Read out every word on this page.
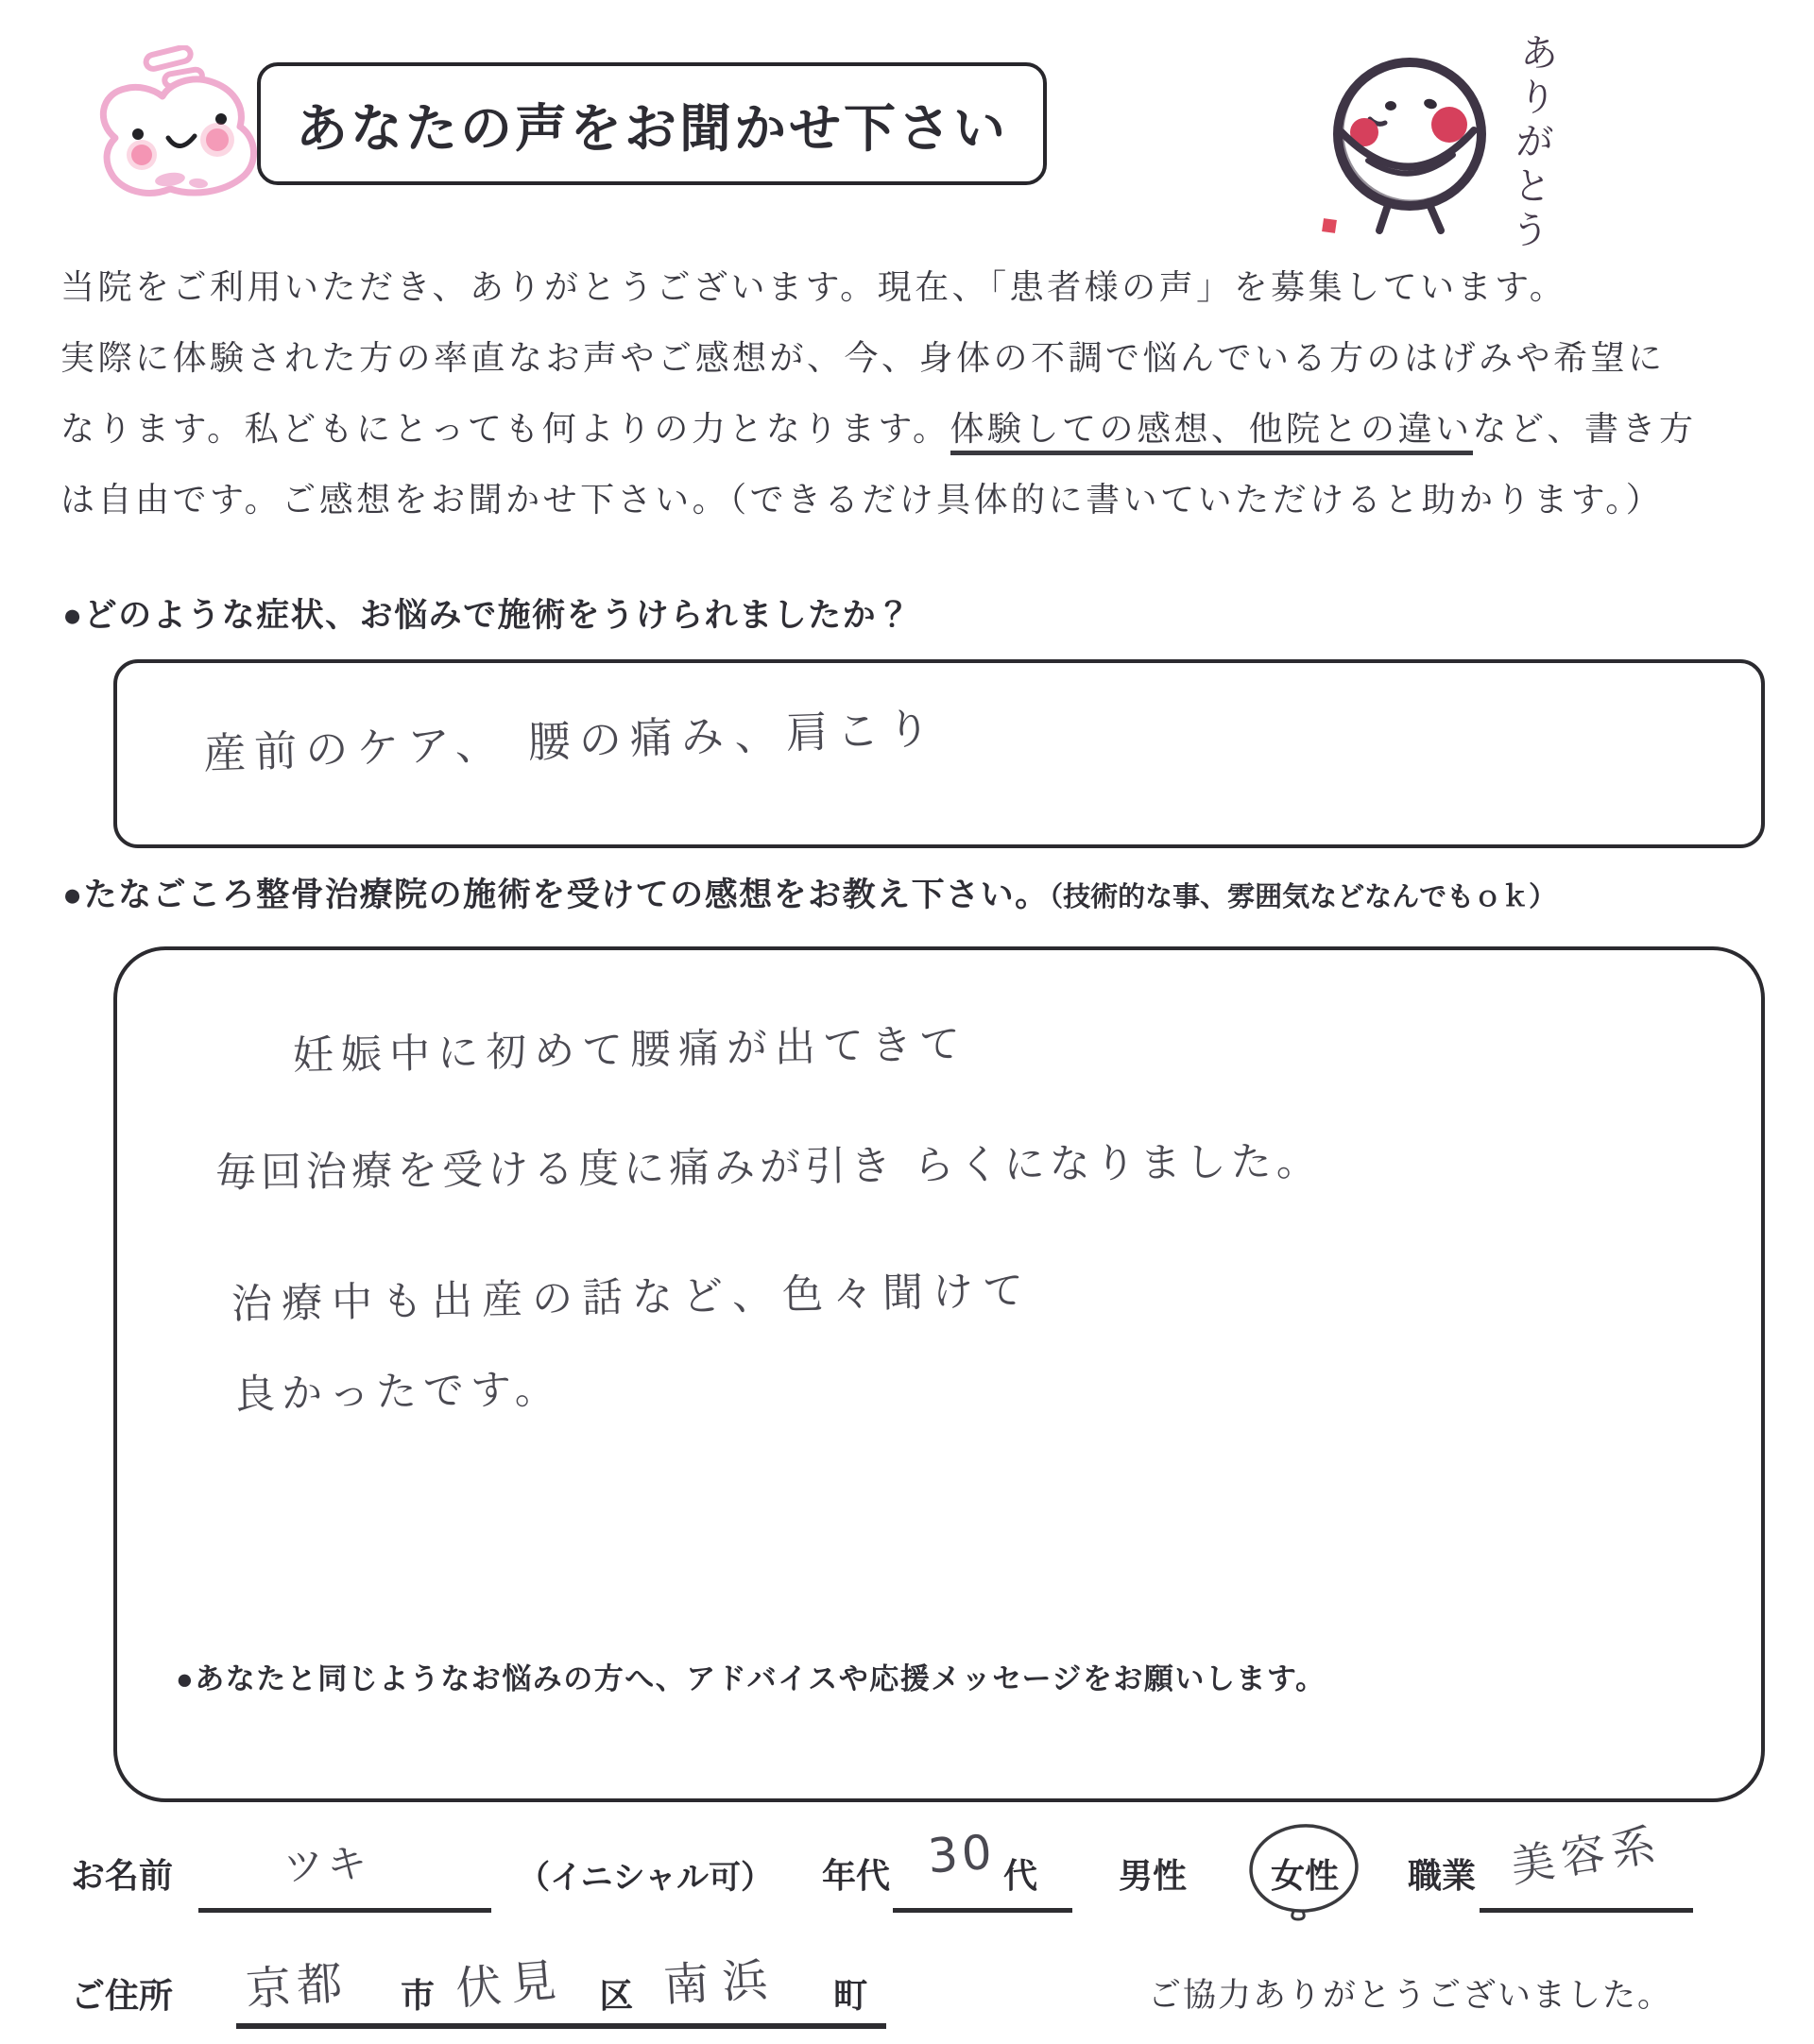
あなたの声をお聞かせ下さい	ありがとう
当院をご利用いただき、ありがとうございます。現在、「患者様の声」を募集しています。
実際に体験された方の率直なお声やご感想が、今、身体の不調で悩んでいる方のはげみや希望に
なります。私どもにとっても何よりの力となります。体験しての感想、他院との違いなど、書き方
は自由です。ご感想をお聞かせ下さい。（できるだけ具体的に書いていただけると助かります。）
●どのような症状、お悩みで施術をうけられましたか？
産前のケア、 腰の痛み、肩こり
●たなごころ整骨治療院の施術を受けての感想をお教え下さい。（技術的な事、雰囲気などなんでもｏｋ）
妊娠中に初めて腰痛が出てきて
毎回治療を受ける度に痛みが引き らくになりました。
治療中も出産の話など、色々聞けて
良かったです。
●あなたと同じようなお悩みの方へ、アドバイスや応援メッセージをお願いします。
お名前	ツキ	（イニシャル可） 年代 30 代 男性 女性 職業 美容系
ご住所 京都 市 伏見 区 南浜 町	ご協力ありがとうございました。
